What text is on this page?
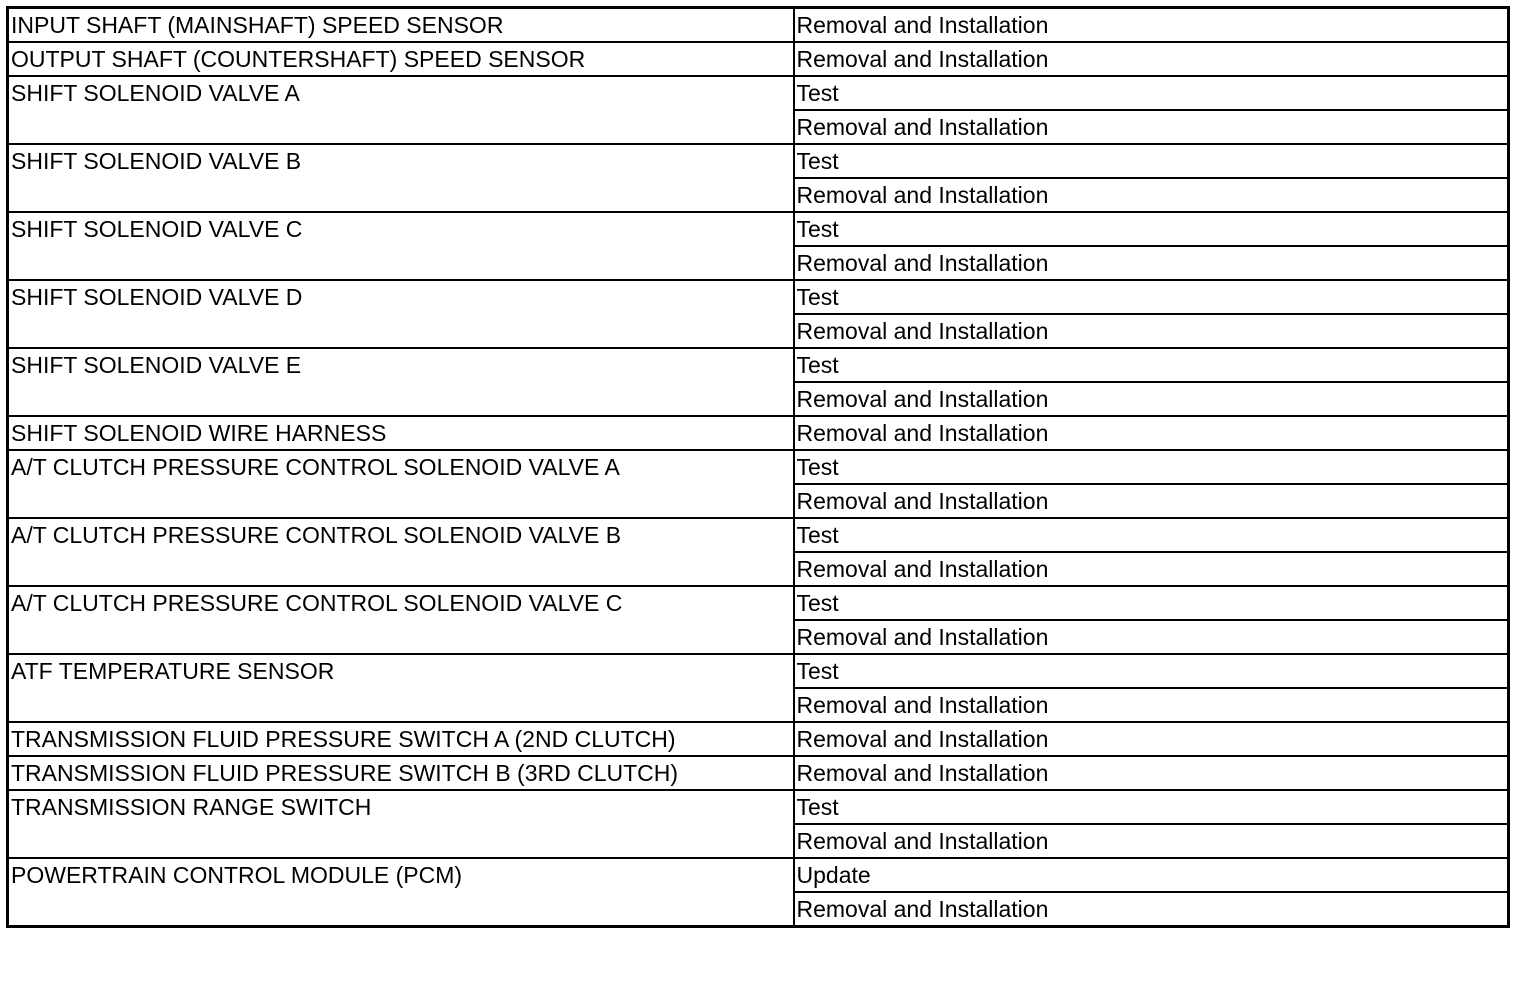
INPUT SHAFT (MAINSHAFT) SPEED SENSOR	Removal and Installation
OUTPUT SHAFT (COUNTERSHAFT) SPEED SENSOR	Removal and Installation
SHIFT SOLENOID VALVE A	Test
	Removal and Installation
SHIFT SOLENOID VALVE B	Test
	Removal and Installation
SHIFT SOLENOID VALVE C	Test
	Removal and Installation
SHIFT SOLENOID VALVE D	Test
	Removal and Installation
SHIFT SOLENOID VALVE E	Test
	Removal and Installation
SHIFT SOLENOID WIRE HARNESS	Removal and Installation
A/T CLUTCH PRESSURE CONTROL SOLENOID VALVE A	Test
	Removal and Installation
A/T CLUTCH PRESSURE CONTROL SOLENOID VALVE B	Test
	Removal and Installation
A/T CLUTCH PRESSURE CONTROL SOLENOID VALVE C	Test
	Removal and Installation
ATF TEMPERATURE SENSOR	Test
	Removal and Installation
TRANSMISSION FLUID PRESSURE SWITCH A (2ND CLUTCH)	Removal and Installation
TRANSMISSION FLUID PRESSURE SWITCH B (3RD CLUTCH)	Removal and Installation
TRANSMISSION RANGE SWITCH	Test
	Removal and Installation
POWERTRAIN CONTROL MODULE (PCM)	Update
	Removal and Installation
